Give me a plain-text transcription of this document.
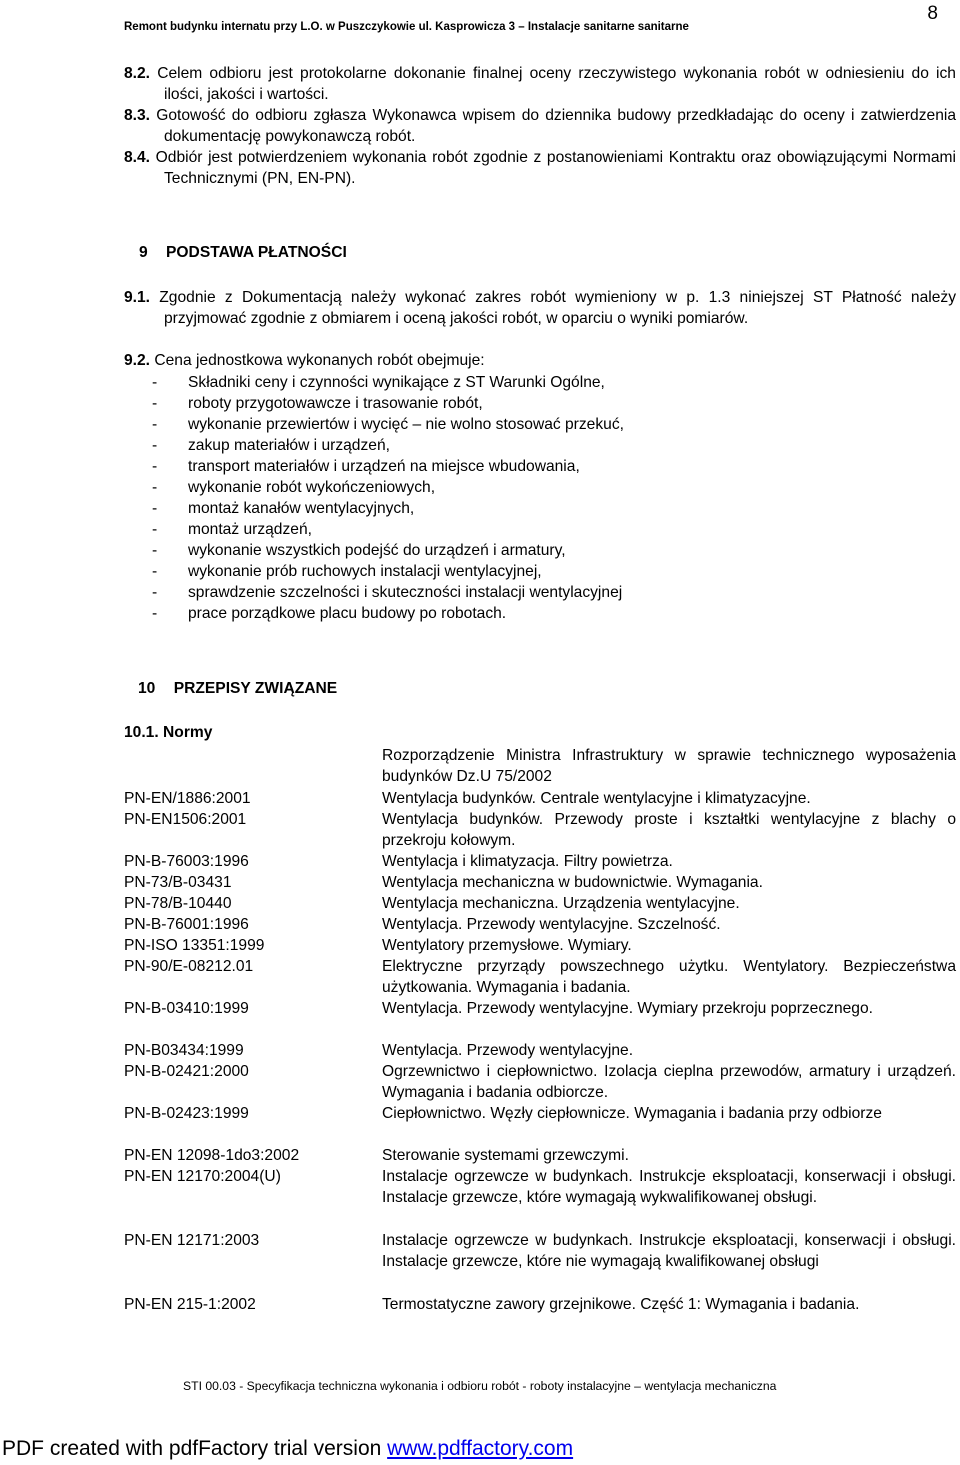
Remont budynku internatu przy L.O. w Puszczykowie ul. Kasprowicza 3 – Instalacje sanitarne sanitarne
8
8.2. Celem odbioru jest protokolarne dokonanie finalnej oceny rzeczywistego wykonania robót w odniesieniu do ich ilości, jakości i wartości.
8.3. Gotowość do odbioru zgłasza Wykonawca wpisem do dziennika budowy przedkładając do oceny i zatwierdzenia dokumentację powykonawczą robót.
8.4. Odbiór jest potwierdzeniem wykonania robót zgodnie z postanowieniami Kontraktu oraz obowiązującymi Normami Technicznymi (PN, EN-PN).
9 PODSTAWA PŁATNOŚCI
9.1. Zgodnie z Dokumentacją należy wykonać zakres robót wymieniony w p. 1.3 niniejszej ST Płatność należy przyjmować zgodnie z obmiarem i oceną jakości robót, w oparciu o wyniki pomiarów.
9.2. Cena jednostkowa wykonanych robót obejmuje:
-	Składniki ceny i czynności wynikające z ST Warunki Ogólne,
-	roboty przygotowawcze i trasowanie robót,
-	wykonanie przewiertów i wycięć – nie wolno stosować przekuć,
-	zakup materiałów i urządzeń,
-	transport materiałów i urządzeń na miejsce wbudowania,
-	wykonanie robót wykończeniowych,
-	montaż kanałów wentylacyjnych,
-	montaż urządzeń,
-	wykonanie wszystkich podejść do urządzeń i armatury,
-	wykonanie prób ruchowych instalacji wentylacyjnej,
-	sprawdzenie szczelności i skuteczności instalacji wentylacyjnej
-	prace porządkowe placu budowy po robotach.
10 PRZEPISY ZWIĄZANE
10.1. Normy
Rozporządzenie Ministra Infrastruktury w sprawie technicznego wyposażenia budynków Dz.U 75/2002
PN-EN/1886:2001	Wentylacja budynków. Centrale wentylacyjne i klimatyzacyjne.
PN-EN1506:2001	Wentylacja budynków. Przewody proste i kształtki wentylacyjne z blachy o przekroju kołowym.
PN-B-76003:1996	Wentylacja i klimatyzacja. Filtry powietrza.
PN-73/B-03431	Wentylacja mechaniczna w budownictwie. Wymagania.
PN-78/B-10440	Wentylacja mechaniczna. Urządzenia wentylacyjne.
PN-B-76001:1996	Wentylacja. Przewody wentylacyjne. Szczelność.
PN-ISO 13351:1999	Wentylatory przemysłowe. Wymiary.
PN-90/E-08212.01	Elektryczne przyrządy powszechnego użytku. Wentylatory. Bezpieczeństwa użytkowania. Wymagania i badania.
PN-B-03410:1999	Wentylacja. Przewody wentylacyjne. Wymiary przekroju poprzecznego.
PN-B03434:1999	Wentylacja. Przewody wentylacyjne.
PN-B-02421:2000	Ogrzewnictwo i ciepłownictwo. Izolacja cieplna przewodów, armatury i urządzeń. Wymagania i badania odbiorcze.
PN-B-02423:1999	Ciepłownictwo. Węzły ciepłownicze. Wymagania i badania przy odbiorze
PN-EN 12098-1do3:2002	Sterowanie systemami grzewczymi.
PN-EN 12170:2004(U)	Instalacje ogrzewcze w budynkach. Instrukcje eksploatacji, konserwacji i obsługi. Instalacje grzewcze, które wymagają wykwalifikowanej obsługi.
PN-EN 12171:2003	Instalacje ogrzewcze w budynkach. Instrukcje eksploatacji, konserwacji i obsługi. Instalacje grzewcze, które nie wymagają kwalifikowanej obsługi
PN-EN 215-1:2002	Termostatyczne zawory grzejnikowe. Część 1: Wymagania i badania.
STI 00.03 - Specyfikacja techniczna wykonania i odbioru robót - roboty instalacyjne – wentylacja mechaniczna
PDF created with pdfFactory trial version www.pdffactory.com
